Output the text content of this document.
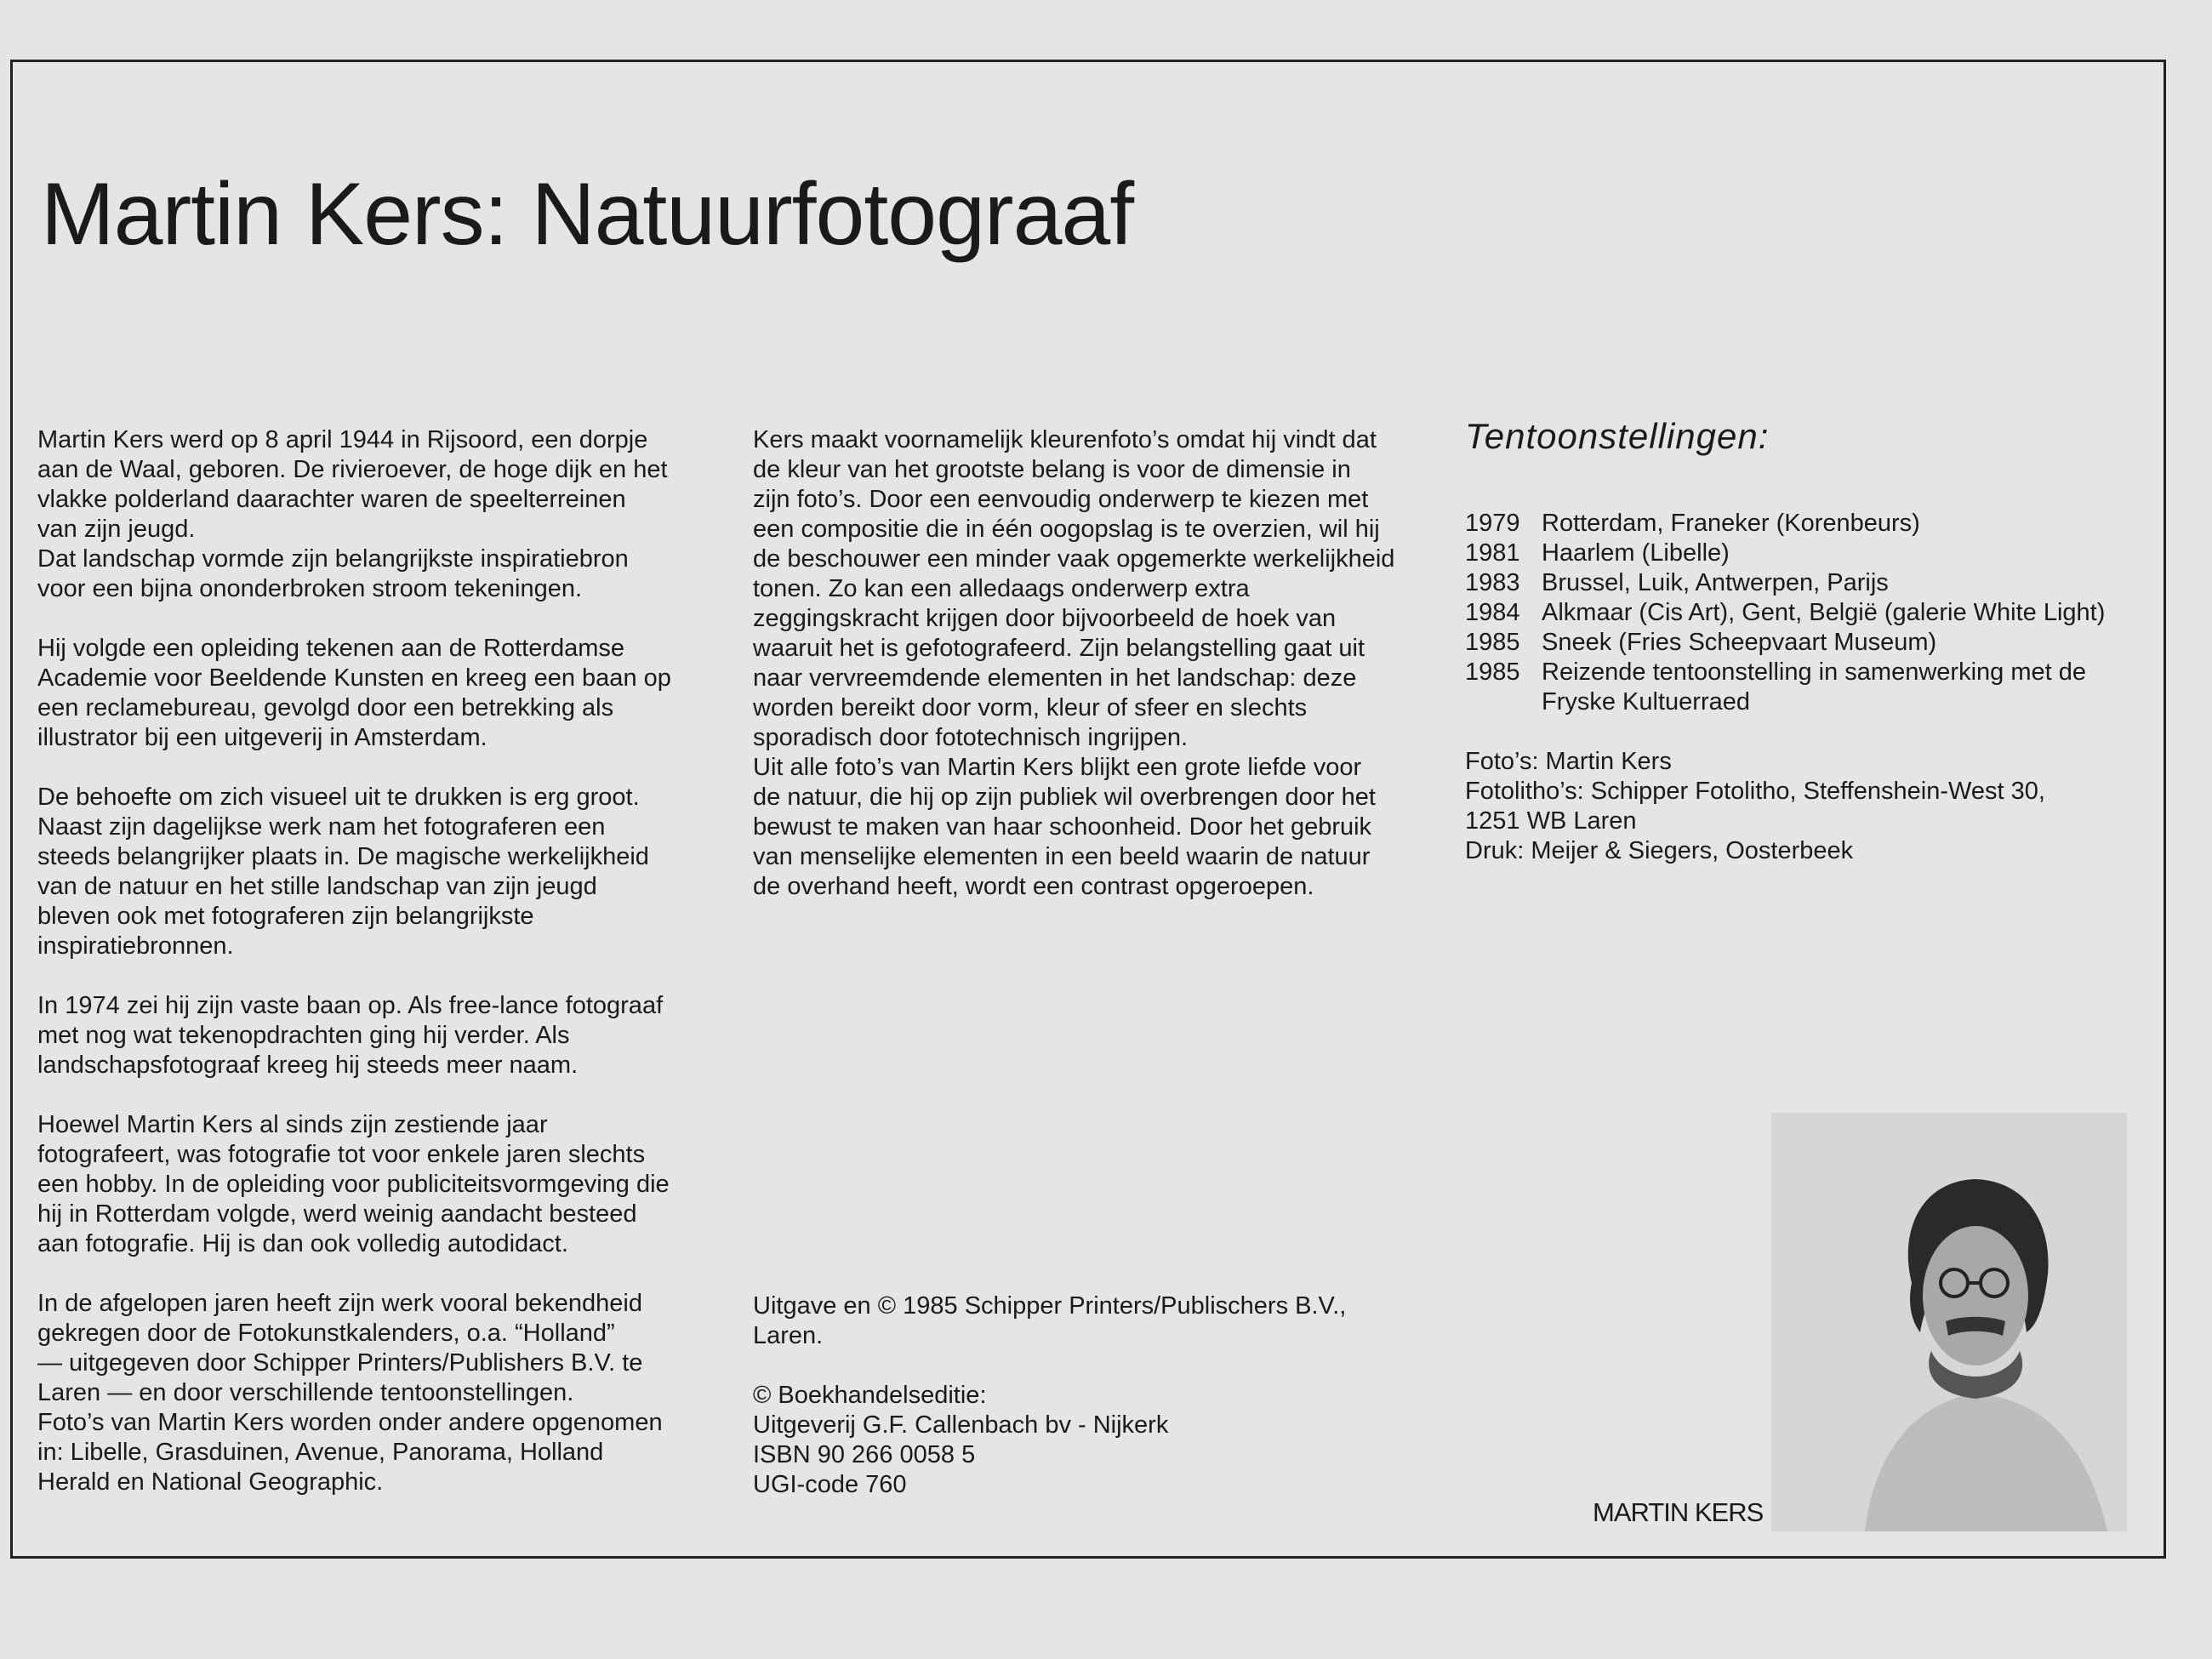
Martin Kers: Natuurfotograaf

Martin Kers werd op 8 april 1944 in Rijsoord, een dorpje
aan de Waal, geboren. De rivieroever, de hoge dijk en het
vlakke polderland daarachter waren de speelterreinen
van zijn jeugd.
Dat landschap vormde zijn belangrijkste inspiratiebron
voor een bijna ononderbroken stroom tekeningen.

Hij volgde een opleiding tekenen aan de Rotterdamse
Academie voor Beeldende Kunsten en kreeg een baan op
een reclamebureau, gevolgd door een betrekking als
illustrator bij een uitgeverij in Amsterdam.

De behoefte om zich visueel uit te drukken is erg groot.
Naast zijn dagelijkse werk nam het fotograferen een
steeds belangrijker plaats in. De magische werkelijkheid
van de natuur en het stille landschap van zijn jeugd
bleven ook met fotograferen zijn belangrijkste
inspiratiebronnen.

In 1974 zei hij zijn vaste baan op. Als free-lance fotograaf
met nog wat tekenopdrachten ging hij verder. Als
landschapsfotograaf kreeg hij steeds meer naam.

Hoewel Martin Kers al sinds zijn zestiende jaar
fotografeert, was fotografie tot voor enkele jaren slechts
een hobby. In de opleiding voor publiciteitsvormgeving die
hij in Rotterdam volgde, werd weinig aandacht besteed
aan fotografie. Hij is dan ook volledig autodidact.

In de afgelopen jaren heeft zijn werk vooral bekendheid
gekregen door de Fotokunstkalenders, o.a. “Holland”
— uitgegeven door Schipper Printers/Publishers B.V. te
Laren — en door verschillende tentoonstellingen.
Foto’s van Martin Kers worden onder andere opgenomen
in: Libelle, Grasduinen, Avenue, Panorama, Holland
Herald en National Geographic.

Kers maakt voornamelijk kleurenfoto’s omdat hij vindt dat
de kleur van het grootste belang is voor de dimensie in
zijn foto’s. Door een eenvoudig onderwerp te kiezen met
een compositie die in één oogopslag is te overzien, wil hij
de beschouwer een minder vaak opgemerkte werkelijkheid
tonen. Zo kan een alledaags onderwerp extra
zeggingskracht krijgen door bijvoorbeeld de hoek van
waaruit het is gefotografeerd. Zijn belangstelling gaat uit
naar vervreemdende elementen in het landschap: deze
worden bereikt door vorm, kleur of sfeer en slechts
sporadisch door fototechnisch ingrijpen.
Uit alle foto’s van Martin Kers blijkt een grote liefde voor
de natuur, die hij op zijn publiek wil overbrengen door het
bewust te maken van haar schoonheid. Door het gebruik
van menselijke elementen in een beeld waarin de natuur
de overhand heeft, wordt een contrast opgeroepen.

Uitgave en © 1985 Schipper Printers/Publischers B.V.,
Laren.

© Boekhandelseditie:
Uitgeverij G.F. Callenbach bv - Nijkerk
ISBN 90 266 0058 5
UGI-code 760

Tentoonstellingen:
1979 Rotterdam, Franeker (Korenbeurs)
1981 Haarlem (Libelle)
1983 Brussel, Luik, Antwerpen, Parijs
1984 Alkmaar (Cis Art), Gent, België (galerie White Light)
1985 Sneek (Fries Scheepvaart Museum)
1985 Reizende tentoonstelling in samenwerking met de
Fryske Kultuerraed
Foto’s: Martin Kers
Fotolitho’s: Schipper Fotolitho, Steffenshein-West 30,
1251 WB Laren
Druk: Meijer & Siegers, Oosterbeek
MARTIN KERS
